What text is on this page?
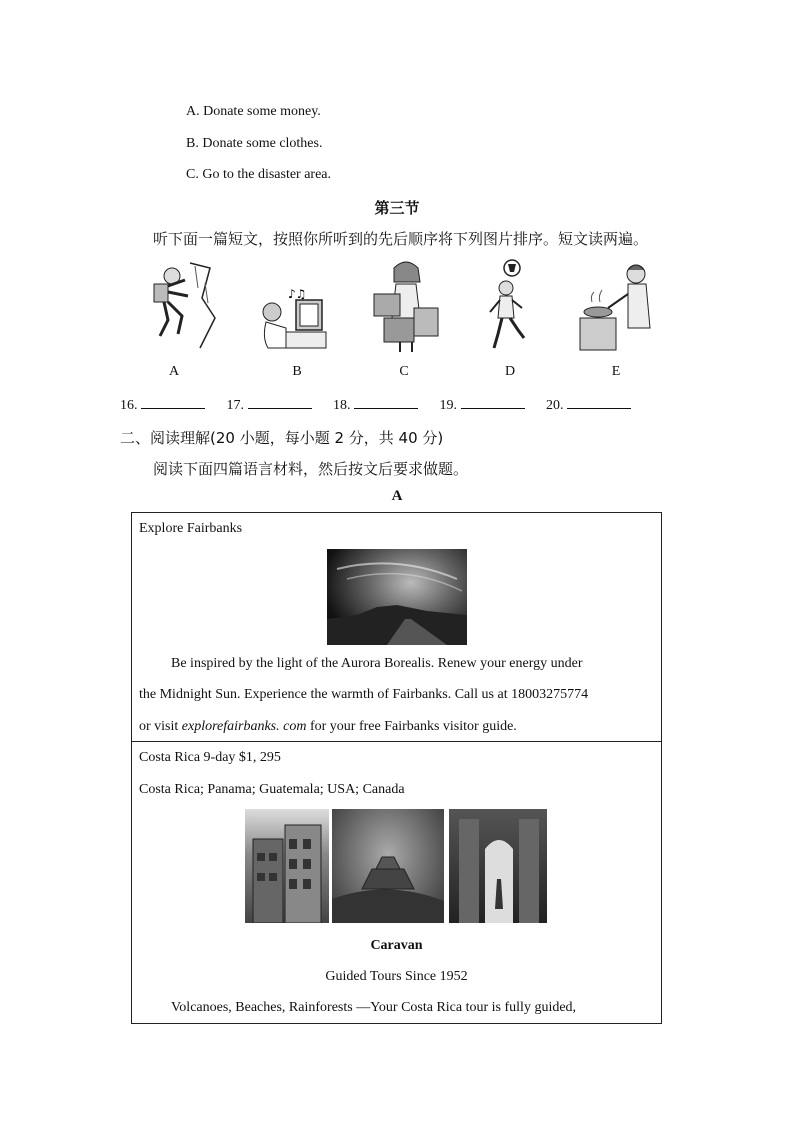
A. Donate some money.
B. Donate some clothes.
C. Go to the disaster area.
第三节
听下面一篇短文，按照你所听到的先后顺序将下列图片排序。短文读两遍。
♪♫
A	B	C	D	E
16.	17.	18.	19.	20.
二、阅读理解(20 小题，每小题 2 分，共 40 分)
阅读下面四篇语言材料，然后按文后要求做题。
A

Explore Fairbanks

Be inspired by the light of the Aurora Borealis. Renew your energy under

the Midnight Sun. Experience the warmth of Fairbanks. Call us at 18003275774

or visit explorefairbanks. com for your free Fairbanks visitor guide.

Costa Rica 9-day $1, 295

Costa Rica; Panama; Guatemala; USA; Canada

Caravan

Guided Tours Since 1952

Volcanoes, Beaches, Rainforests —Your Costa Rica tour is fully guided,
